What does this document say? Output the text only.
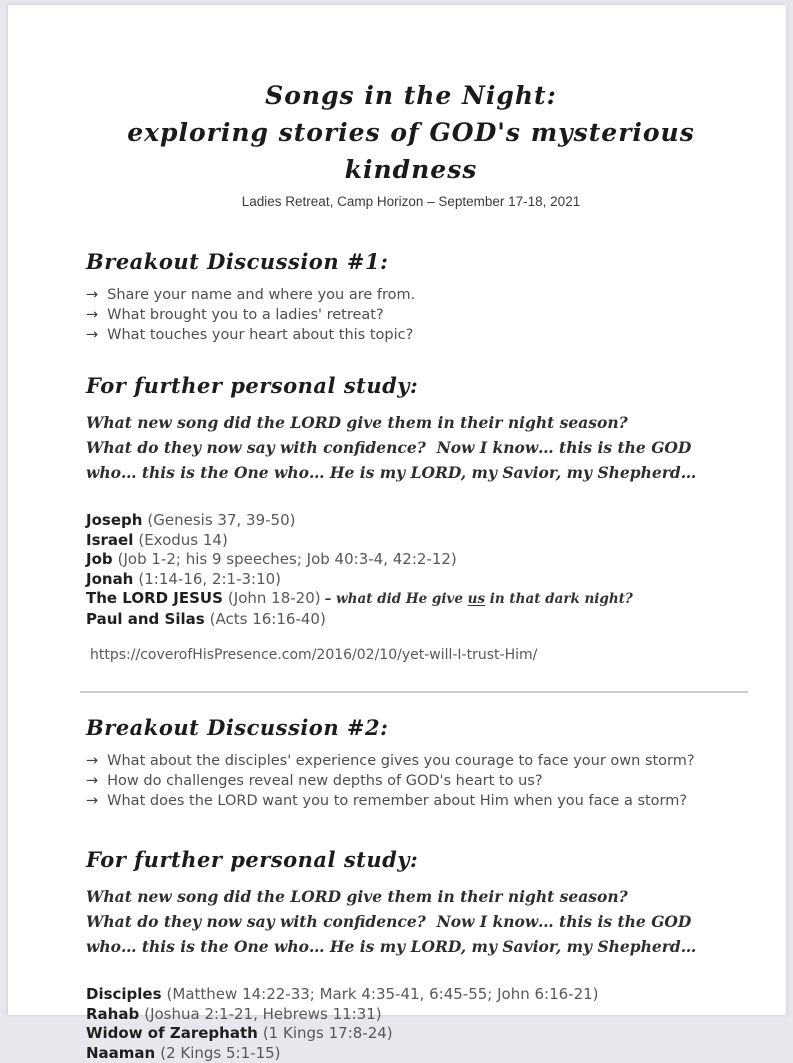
Songs in the Night:
exploring stories of GOD's mysterious kindness
Ladies Retreat, Camp Horizon – September 17-18, 2021
Breakout Discussion #1:
→ Share your name and where you are from.
→ What brought you to a ladies' retreat?
→ What touches your heart about this topic?
For further personal study:
What new song did the LORD give them in their night season?
What do they now say with confidence?  Now I know… this is the GOD who… this is the One who… He is my LORD, my Savior, my Shepherd…
Joseph (Genesis 37, 39-50)
Israel (Exodus 14)
Job (Job 1-2; his 9 speeches; Job 40:3-4, 42:2-12)
Jonah (1:14-16, 2:1-3:10)
The LORD JESUS (John 18-20) – what did He give us in that dark night?
Paul and Silas (Acts 16:16-40)
https://coverofHisPresence.com/2016/02/10/yet-will-I-trust-Him/
Breakout Discussion #2:
→ What about the disciples' experience gives you courage to face your own storm?
→ How do challenges reveal new depths of GOD's heart to us?
→ What does the LORD want you to remember about Him when you face a storm?
For further personal study:
What new song did the LORD give them in their night season?
What do they now say with confidence?  Now I know… this is the GOD who… this is the One who… He is my LORD, my Savior, my Shepherd…
Disciples (Matthew 14:22-33; Mark 4:35-41, 6:45-55; John 6:16-21)
Rahab (Joshua 2:1-21, Hebrews 11:31)
Widow of Zarephath (1 Kings 17:8-24)
Naaman (2 Kings 5:1-15)
